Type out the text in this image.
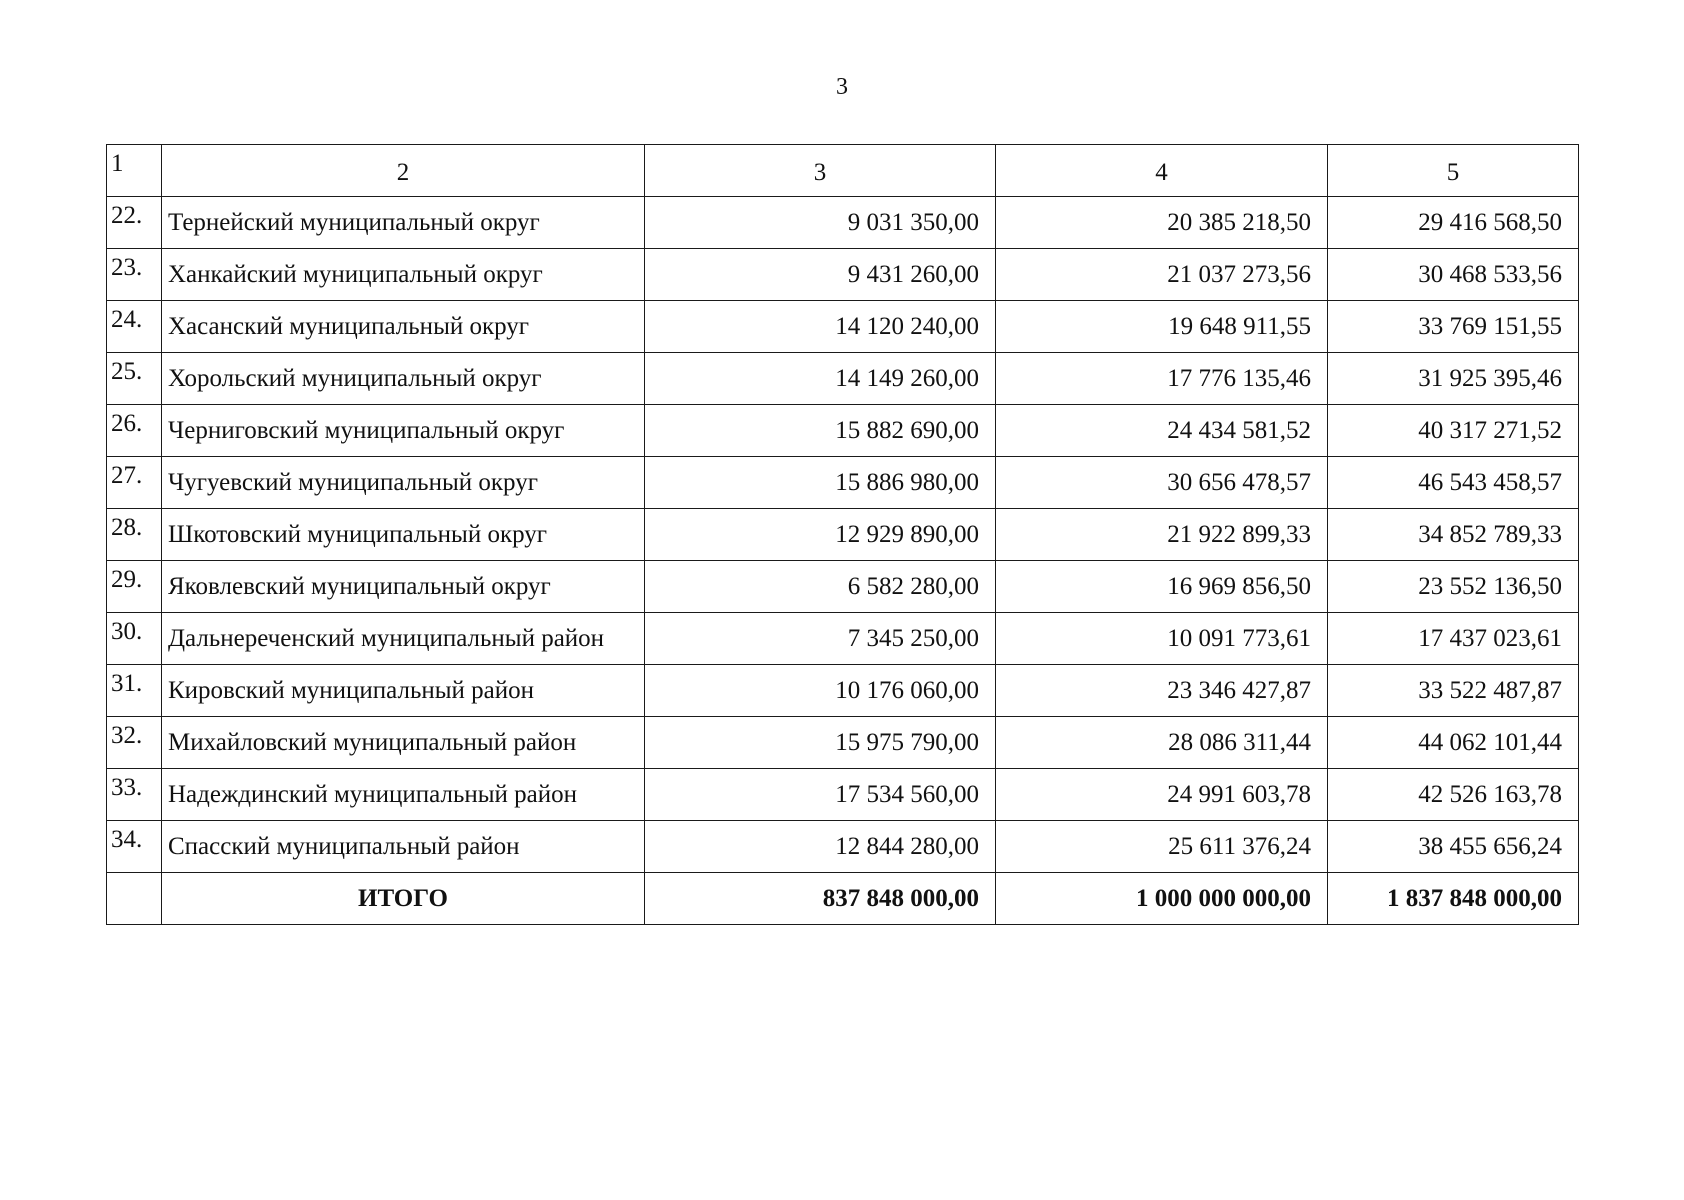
3
1	2	3	4	5
22.	Тернейский муниципальный округ	9 031 350,00	20 385 218,50	29 416 568,50
23.	Ханкайский муниципальный округ	9 431 260,00	21 037 273,56	30 468 533,56
24.	Хасанский муниципальный округ	14 120 240,00	19 648 911,55	33 769 151,55
25.	Хорольский муниципальный округ	14 149 260,00	17 776 135,46	31 925 395,46
26.	Черниговский муниципальный округ	15 882 690,00	24 434 581,52	40 317 271,52
27.	Чугуевский муниципальный округ	15 886 980,00	30 656 478,57	46 543 458,57
28.	Шкотовский муниципальный округ	12 929 890,00	21 922 899,33	34 852 789,33
29.	Яковлевский муниципальный округ	6 582 280,00	16 969 856,50	23 552 136,50
30.	Дальнереченский муниципальный район	7 345 250,00	10 091 773,61	17 437 023,61
31.	Кировский муниципальный район	10 176 060,00	23 346 427,87	33 522 487,87
32.	Михайловский муниципальный район	15 975 790,00	28 086 311,44	44 062 101,44
33.	Надеждинский муниципальный район	17 534 560,00	24 991 603,78	42 526 163,78
34.	Спасский муниципальный район	12 844 280,00	25 611 376,24	38 455 656,24
	ИТОГО	837 848 000,00	1 000 000 000,00	1 837 848 000,00
